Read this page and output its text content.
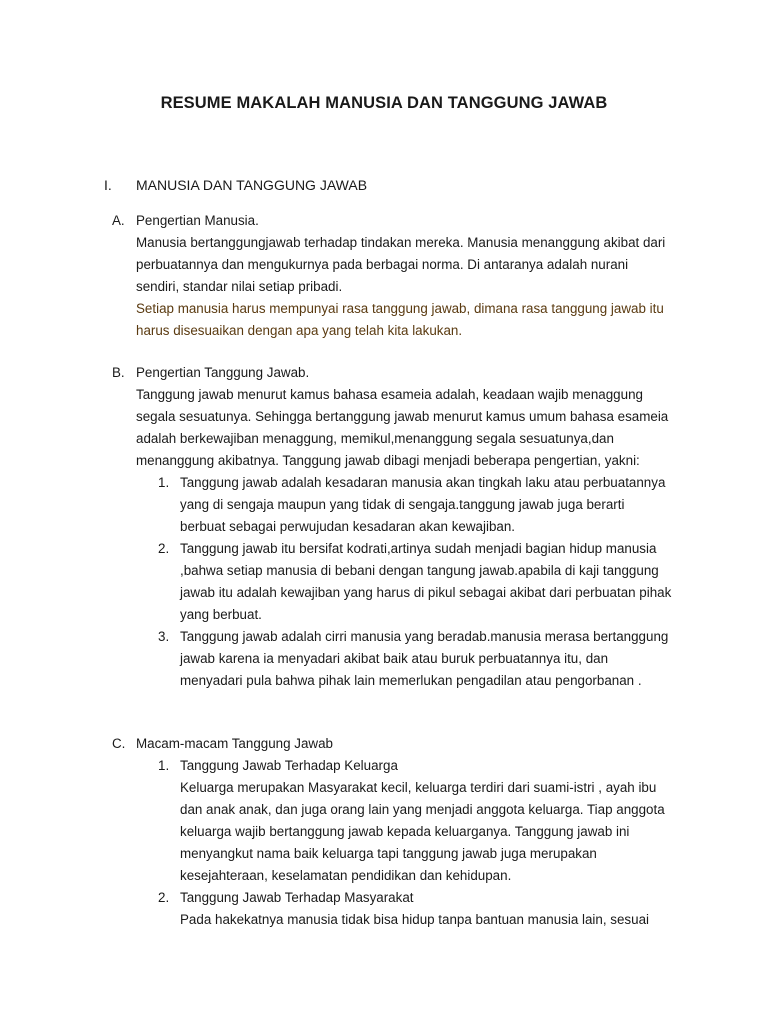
RESUME MAKALAH MANUSIA DAN TANGGUNG JAWAB
I. MANUSIA DAN TANGGUNG JAWAB
A. Pengertian Manusia.

Manusia bertanggungjawab terhadap tindakan mereka. Manusia menanggung akibat dari perbuatannya dan mengukurnya pada berbagai norma. Di antaranya adalah nurani sendiri, standar nilai setiap pribadi.

Setiap manusia harus mempunyai rasa tanggung jawab, dimana rasa tanggung jawab itu harus disesuaikan dengan apa yang telah kita lakukan.

B. Pengertian Tanggung Jawab.

Tanggung jawab menurut kamus bahasa esameia adalah, keadaan wajib menaggung segala sesuatunya. Sehingga bertanggung jawab menurut kamus umum bahasa esameia adalah berkewajiban menaggung, memikul,menanggung segala sesuatunya,dan menanggung akibatnya. Tanggung jawab dibagi menjadi beberapa pengertian, yakni:

1. Tanggung jawab adalah kesadaran manusia akan tingkah laku atau perbuatannya yang di sengaja maupun yang tidak di sengaja.tanggung jawab juga berarti berbuat sebagai perwujudan kesadaran akan kewajiban.
2. Tanggung jawab itu bersifat kodrati,artinya sudah menjadi bagian hidup manusia ,bahwa setiap manusia di bebani dengan tangung jawab.apabila di kaji tanggung jawab itu adalah kewajiban yang harus di pikul sebagai akibat dari perbuatan pihak yang berbuat.
3. Tanggung jawab adalah cirri manusia yang beradab.manusia merasa bertanggung jawab karena ia menyadari akibat baik atau buruk perbuatannya itu, dan menyadari pula bahwa pihak lain memerlukan pengadilan atau pengorbanan .
C. Macam-macam Tanggung Jawab

1. Tanggung Jawab Terhadap Keluarga

Keluarga merupakan Masyarakat kecil, keluarga terdiri dari suami-istri , ayah ibu dan anak anak, dan juga orang lain yang menjadi anggota keluarga. Tiap anggota keluarga wajib bertanggung jawab kepada keluarganya. Tanggung jawab ini menyangkut nama baik keluarga tapi tanggung jawab juga merupakan kesejahteraan, keselamatan pendidikan dan kehidupan.

2. Tanggung Jawab Terhadap Masyarakat

Pada hakekatnya manusia tidak bisa hidup tanpa bantuan manusia lain, sesuai
